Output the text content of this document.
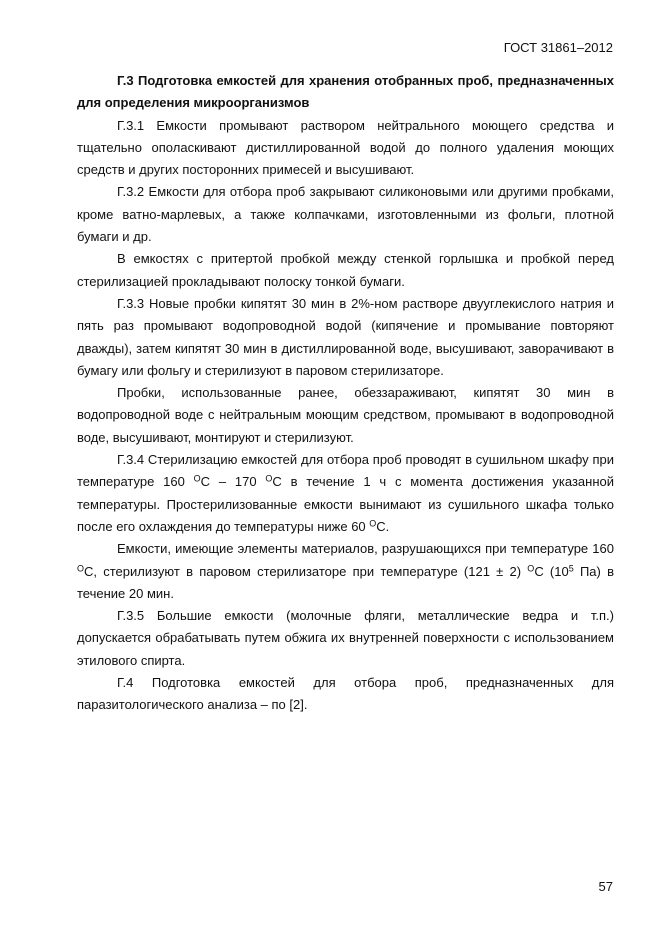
ГОСТ 31861–2012

Г.3 Подготовка емкостей для хранения отобранных проб, предназначенных для определения микроорганизмов

Г.3.1 Емкости промывают раствором нейтрального моющего средства и тщательно ополаскивают дистиллированной водой до полного удаления моющих средств и других посторонних примесей и высушивают.

Г.3.2 Емкости для отбора проб закрывают силиконовыми или другими пробками, кроме ватно-марлевых, а также колпачками, изготовленными из фольги, плотной бумаги и др.

В емкостях с притертой пробкой между стенкой горлышка и пробкой перед стерилизацией прокладывают полоску тонкой бумаги.

Г.3.3 Новые пробки кипятят 30 мин в 2%-ном растворе двууглекислого натрия и пять раз промывают водопроводной водой (кипячение и промывание повторяют дважды), затем кипятят 30 мин в дистиллированной воде, высушивают, заворачивают в бумагу или фольгу и стерилизуют в паровом стерилизаторе.

Пробки, использованные ранее, обеззараживают, кипятят 30 мин в водопроводной воде с нейтральным моющим средством, промывают в водопроводной воде, высушивают, монтируют и стерилизуют.

Г.3.4 Стерилизацию емкостей для отбора проб проводят в сушильном шкафу при температуре 160 $^О$С – 170 $^О$С в течение 1 ч с момента достижения указанной температуры. Простерилизованные емкости вынимают из сушильного шкафа только после его охлаждения до температуры ниже 60 $^О$С.

Емкости, имеющие элементы материалов, разрушающихся при температуре 160 $^О$С, стерилизуют в паровом стерилизаторе при температуре (121 ± 2) $^О$С ($10^5$ Па) в течение 20 мин.

Г.3.5 Большие емкости (молочные фляги, металлические ведра и т.п.) допускается обрабатывать путем обжига их внутренней поверхности с использованием этилового спирта.

Г.4 Подготовка емкостей для отбора проб, предназначенных для паразитологического анализа – по [2].

57
